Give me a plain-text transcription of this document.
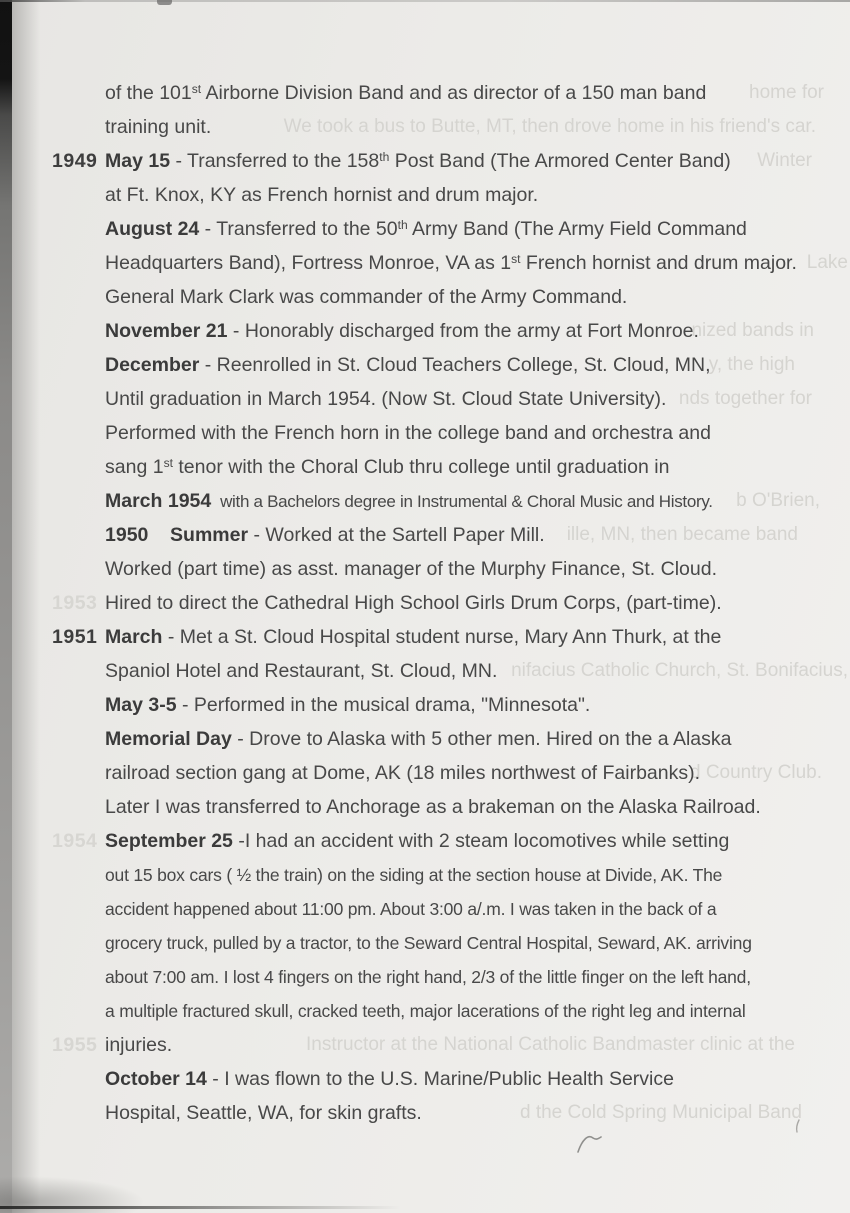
home for
of the 101st Airborne Division Band and as director of a 150 man band
We took a bus to Butte, MT, then drove home in his friend's car.
training unit.
Winter
1949 May 15 - Transferred to the 158th Post Band (The Armored Center Band)
at Ft. Knox, KY as French hornist and drum major.
August 24 - Transferred to the 50th Army Band (The Army Field Command
Lake
Headquarters Band), Fortress Monroe, VA as 1st French hornist and drum major.
General Mark Clark was commander of the Army Command.
nized bands in
November 21 - Honorably discharged from the army at Fort Monroe.
y, the high
December - Reenrolled in St. Cloud Teachers College, St. Cloud, MN,
nds together for
Until graduation in March 1954. (Now St. Cloud State University).
Performed with the French horn in the college band and orchestra and
sang 1st tenor with the Choral Club thru college until graduation in
b O'Brien,
March 1954  with a Bachelors degree in Instrumental & Choral Music and History.
ille, MN, then became band
1950    Summer - Worked at the Sartell Paper Mill.
Worked (part time) as asst. manager of the Murphy Finance, St. Cloud.
1953 Hired to direct the Cathedral High School Girls Drum Corps, (part-time).
1951 March - Met a St. Cloud Hospital student nurse, Mary Ann Thurk, at the
nifacius Catholic Church, St. Bonifacius,
Spaniol Hotel and Restaurant, St. Cloud, MN.
May 3-5 - Performed in the musical drama, "Minnesota".
Memorial Day - Drove to Alaska with 5 other men. Hired on the a Alaska
d Country Club.
railroad section gang at Dome, AK (18 miles northwest of Fairbanks).
Later I was transferred to Anchorage as a brakeman on the Alaska Railroad.
1954 September 25 -I had an accident with 2 steam locomotives while setting
out 15 box cars ( ½ the train) on the siding at the section house at Divide, AK. The
accident happened about 11:00 pm. About 3:00 a/.m. I was taken in the back of a
grocery truck, pulled by a tractor, to the Seward Central Hospital, Seward, AK. arriving
about 7:00 am. I lost 4 fingers on the right hand, 2/3 of the little finger on the left hand,
a multiple fractured skull, cracked teeth, major lacerations of the right leg and internal
Instructor at the National Catholic Bandmaster clinic at the
1955 injuries.
October 14 - I was flown to the U.S. Marine/Public Health Service
d the Cold Spring Municipal Band
Hospital, Seattle, WA, for skin grafts.
